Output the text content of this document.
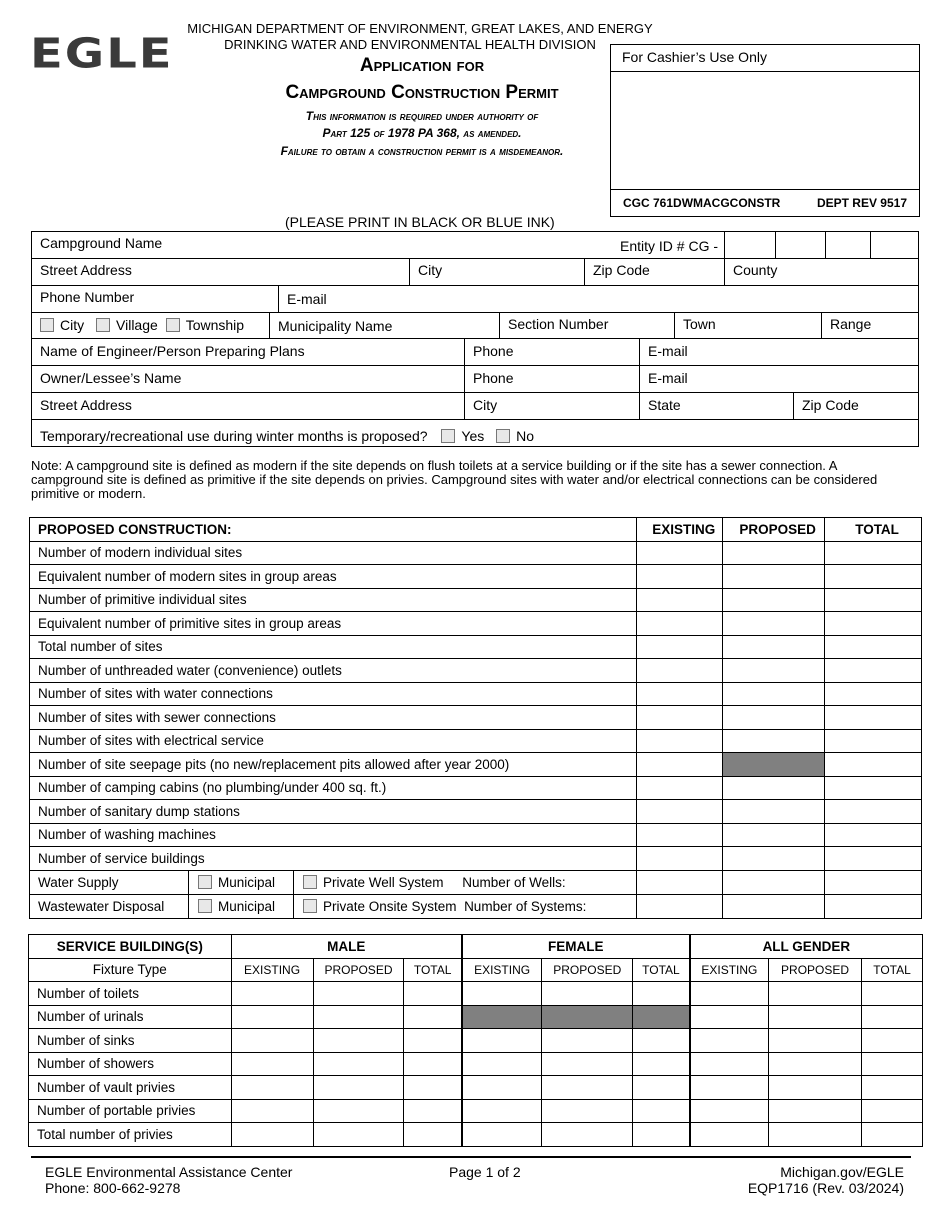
EGLE
MICHIGAN DEPARTMENT OF ENVIRONMENT, GREAT LAKES, AND ENERGY
DRINKING WATER AND ENVIRONMENTAL HEALTH DIVISION
Application for
Campground Construction Permit
This information is required under authority of
Part 125 of 1978 PA 368, as amended.
Failure to obtain a construction permit is a misdemeanor.
For Cashier’s Use Only
CGC 761DWMACGCONSTR	DEPT REV 9517
(PLEASE PRINT IN BLACK OR BLUE INK)
Campground Name	Entity ID # CG -
Street Address	City	Zip Code	County
Phone Number	E-mail
City Village Township	Municipality Name	Section Number	Town	Range
Name of Engineer/Person Preparing Plans	Phone	E-mail
Owner/Lessee’s Name	Phone	E-mail
Street Address	City	State	Zip Code
Temporary/recreational use during winter months is proposed? Yes No
Note: A campground site is defined as modern if the site depends on flush toilets at a service building or if the site has a sewer connection. A campground site is defined as primitive if the site depends on privies. Campground sites with water and/or electrical connections can be considered primitive or modern.
PROPOSED CONSTRUCTION:	EXISTING	PROPOSED	TOTAL
Number of modern individual sites			
Equivalent number of modern sites in group areas			
Number of primitive individual sites			
Equivalent number of primitive sites in group areas			
Total number of sites			
Number of unthreaded water (convenience) outlets			
Number of sites with water connections			
Number of sites with sewer connections			
Number of sites with electrical service			
Number of site seepage pits (no new/replacement pits allowed after year 2000)			
Number of camping cabins (no plumbing/under 400 sq. ft.)			
Number of sanitary dump stations			
Number of washing machines			
Number of service buildings			

Water Supply Municipal Private Well System Number of Wells:			

Wastewater Disposal Municipal Private Onsite System Number of Systems:			

SERVICE BUILDING(S)	MALE			FEMALE			ALL GENDER		
Fixture Type	EXISTING	PROPOSED	TOTAL	EXISTING	PROPOSED	TOTAL	EXISTING	PROPOSED	TOTAL
Number of toilets									
Number of urinals									
Number of sinks									
Number of showers									
Number of vault privies									
Number of portable privies									
Total number of privies									
EGLE Environmental Assistance Center
Phone: 800-662-9278
Page 1 of 2	Michigan.gov/EGLE
EQP1716 (Rev. 03/2024)
